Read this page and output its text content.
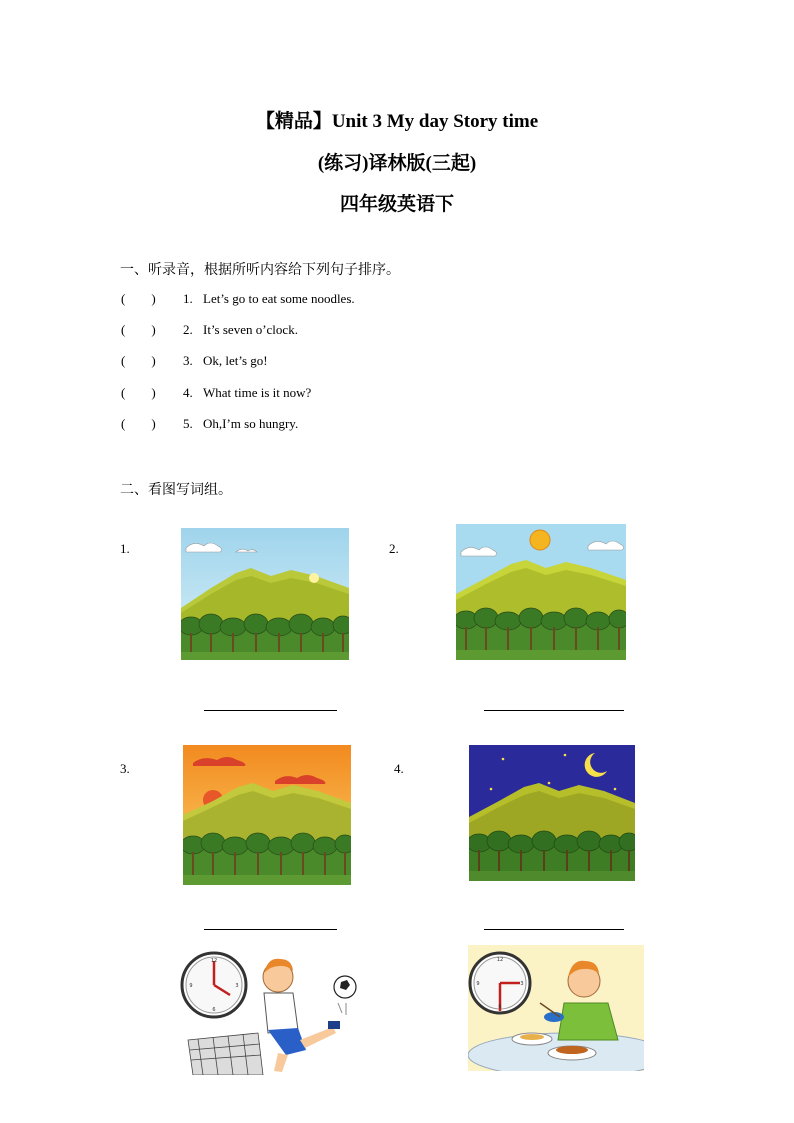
【精品】Unit 3 My day Story time
(练习)译林版(三起)
四年级英语下
一、听录音，根据所听内容给下列句子排序。
(        )	1. Let’s go to eat some noodles.
(        )	2. It’s seven o’clock.
(        )	3. Ok, let’s go!
(        )	4. What time is it now?
(        )	5. Oh,I’m so hungry.
二、看图写词组。
1.	2.
3.	4.
12
3
6
9
12
3
6
9
